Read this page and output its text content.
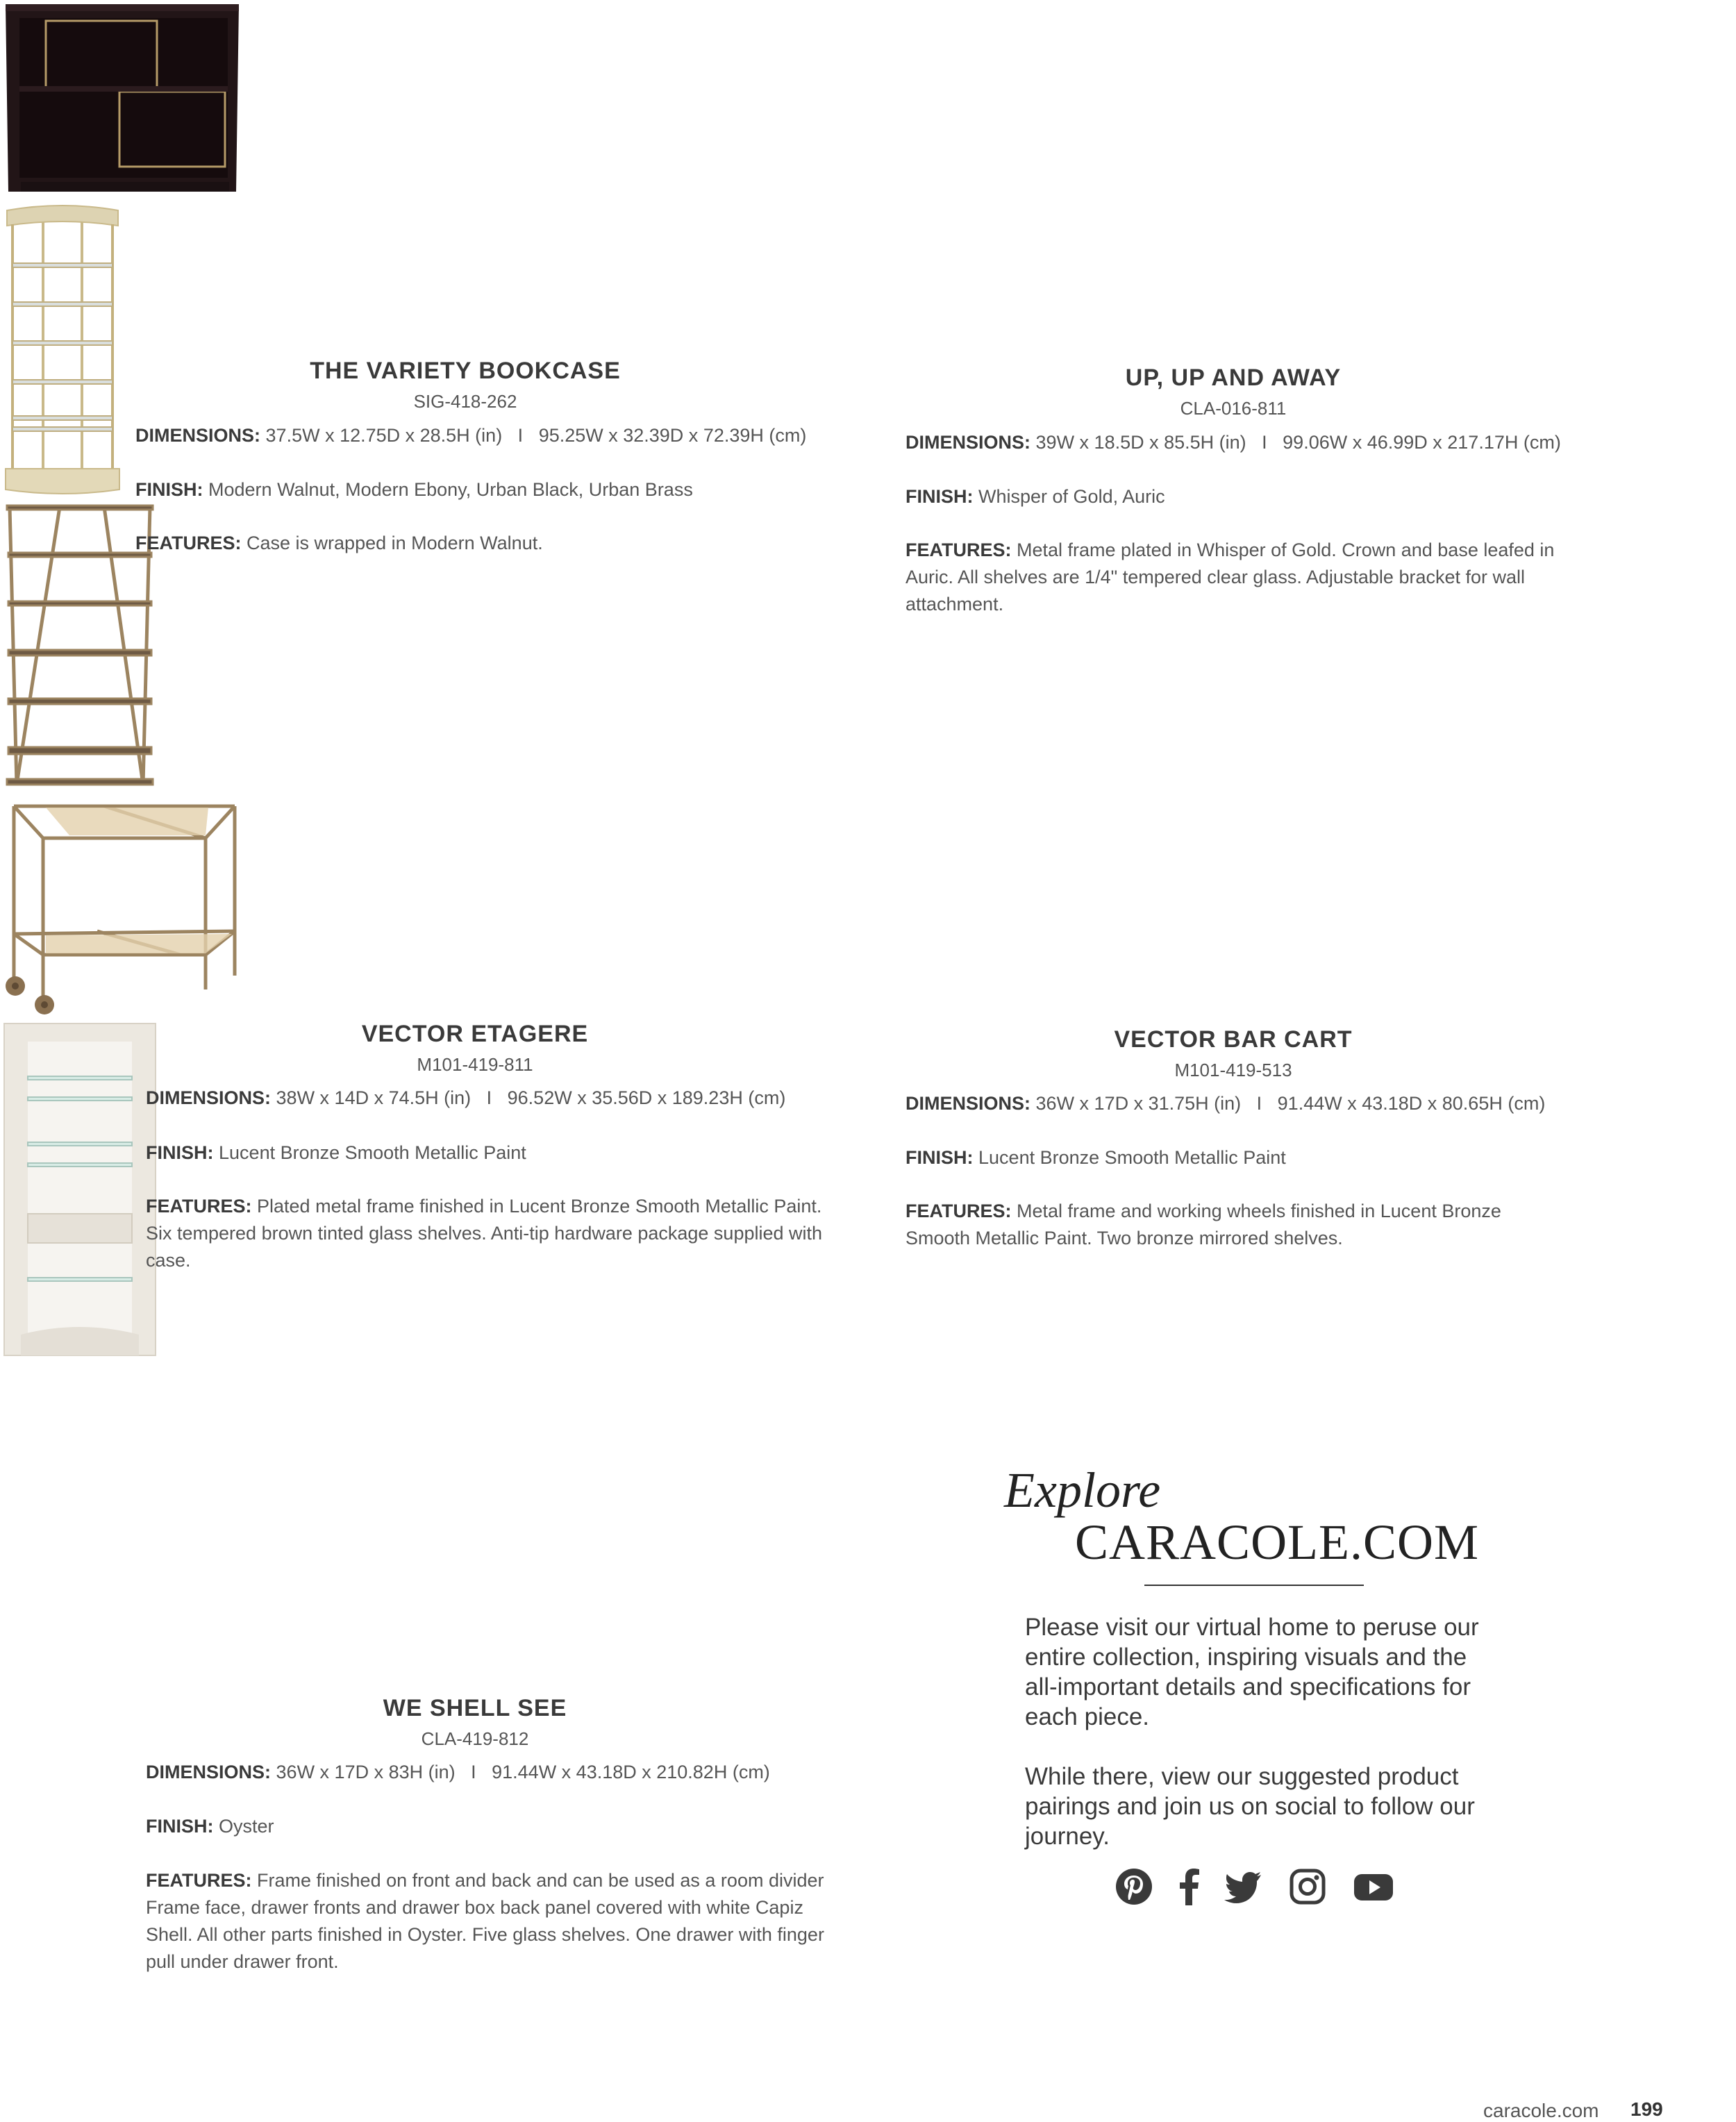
THE VARIETY BOOKCASE
SIG-418-262
DIMENSIONS: 37.5W x 12.75D x 28.5H (in)   I   95.25W x 32.39D x 72.39H (cm)
FINISH: Modern Walnut, Modern Ebony, Urban Black, Urban Brass
FEATURES: Case is wrapped in Modern Walnut.
UP, UP AND AWAY
CLA-016-811
DIMENSIONS: 39W x 18.5D x 85.5H (in)   I   99.06W x 46.99D x 217.17H (cm)
FINISH: Whisper of Gold, Auric
FEATURES: Metal frame plated in Whisper of Gold. Crown and base leafed in Auric. All shelves are 1/4" tempered clear glass. Adjustable bracket for wall attachment.
VECTOR ETAGERE
M101-419-811
DIMENSIONS: 38W x 14D x 74.5H (in)   I   96.52W x 35.56D x 189.23H (cm)
FINISH: Lucent Bronze Smooth Metallic Paint
FEATURES: Plated metal frame finished in Lucent Bronze Smooth Metallic Paint. Six tempered brown tinted glass shelves. Anti-tip hardware package supplied with case.
VECTOR BAR CART
M101-419-513
DIMENSIONS: 36W x 17D x 31.75H (in)   I   91.44W x 43.18D x 80.65H (cm)
FINISH: Lucent Bronze Smooth Metallic Paint
FEATURES: Metal frame and working wheels finished in Lucent Bronze Smooth Metallic Paint. Two bronze mirrored shelves.
WE SHELL SEE
CLA-419-812
DIMENSIONS: 36W x 17D x 83H (in)   I   91.44W x 43.18D x 210.82H (cm)
FINISH: Oyster
FEATURES: Frame finished on front and back and can be used as a room divider Frame face, drawer fronts and drawer box back panel covered with white Capiz Shell. All other parts finished in Oyster. Five glass shelves. One drawer with finger pull under drawer front.
Explore
CARACOLE.COM
Please visit our virtual home to peruse our entire collection, inspiring visuals and the all-important details and specifications for each piece.
While there, view our suggested product pairings and join us on social to follow our journey.
caracole.com 199
